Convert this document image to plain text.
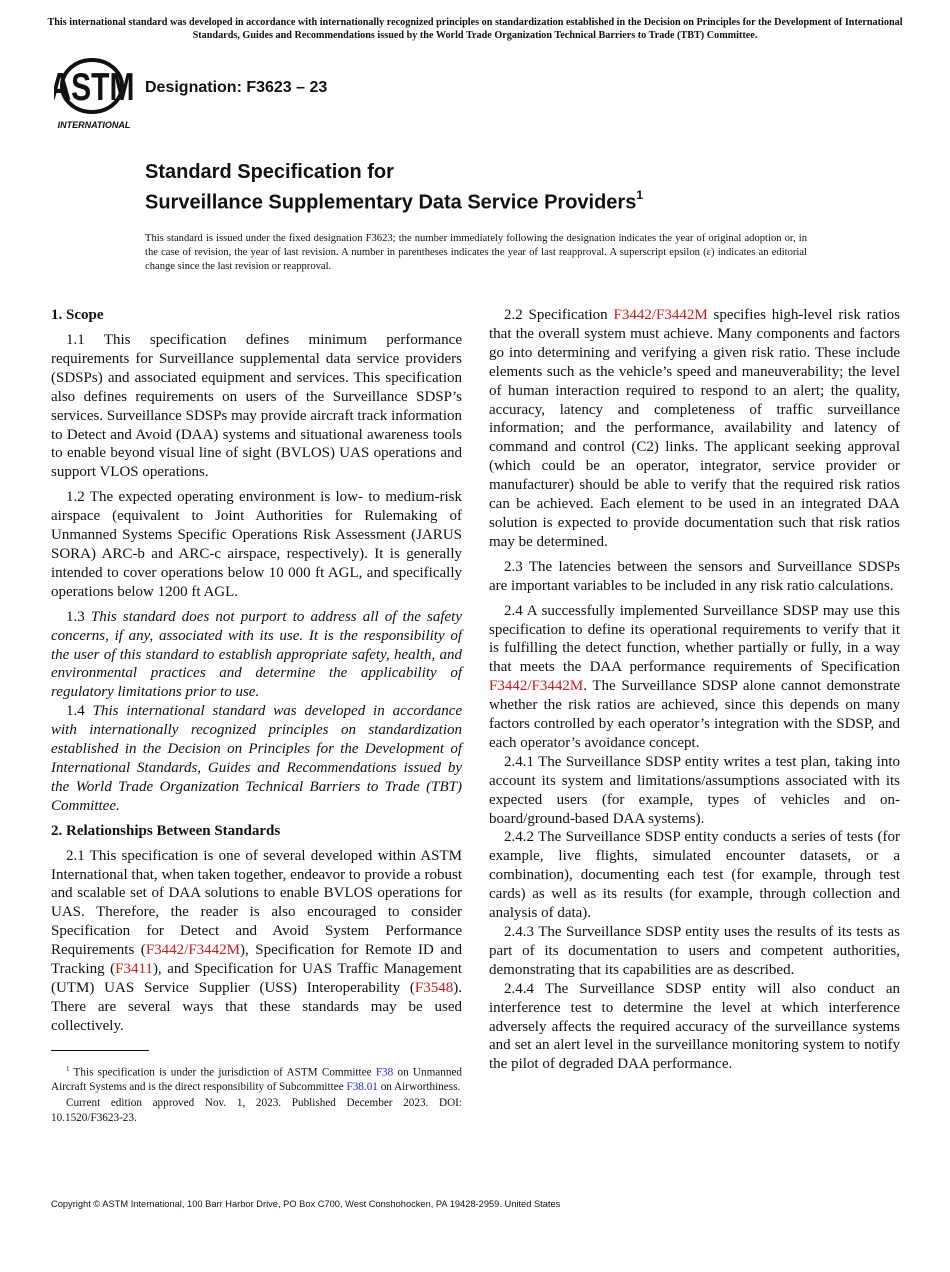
This international standard was developed in accordance with internationally recognized principles on standardization established in the Decision on Principles for the Development of International Standards, Guides and Recommendations issued by the World Trade Organization Technical Barriers to Trade (TBT) Committee.
ASTM
INTERNATIONAL
Designation: F3623 – 23
Standard Specification for
Surveillance Supplementary Data Service Providers$^1$
This standard is issued under the fixed designation F3623; the number immediately following the designation indicates the year of original adoption or, in the case of revision, the year of last revision. A number in parentheses indicates the year of last reapproval. A superscript epsilon (ε) indicates an editorial change since the last revision or reapproval.
1. Scope

1.1 This specification defines minimum performance requirements for Surveillance supplemental data service providers (SDSPs) and associated equipment and services. This specification also defines requirements on users of the Surveillance SDSP’s services. Surveillance SDSPs may provide aircraft track information to Detect and Avoid (DAA) systems and situational awareness tools to enable beyond visual line of sight (BVLOS) UAS operations and support VLOS operations.

1.2 The expected operating environment is low- to medium-risk airspace (equivalent to Joint Authorities for Rulemaking of Unmanned Systems Specific Operations Risk Assessment (JARUS SORA) ARC-b and ARC-c airspace, respectively). It is generally intended to cover operations below 10 000 ft AGL, and specifically operations below 1200 ft AGL.

1.3 This standard does not purport to address all of the safety concerns, if any, associated with its use. It is the responsibility of the user of this standard to establish appropriate safety, health, and environmental practices and determine the applicability of regulatory limitations prior to use.

1.4 This international standard was developed in accordance with internationally recognized principles on standardization established in the Decision on Principles for the Development of International Standards, Guides and Recommendations issued by the World Trade Organization Technical Barriers to Trade (TBT) Committee.

2. Relationships Between Standards

2.1 This specification is one of several developed within ASTM International that, when taken together, endeavor to provide a robust and scalable set of DAA solutions to enable BVLOS operations for UAS. Therefore, the reader is also encouraged to consider Specification for Detect and Avoid System Performance Requirements (F3442/F3442M), Specification for Remote ID and Tracking (F3411), and Specification for UAS Traffic Management (UTM) UAS Service Supplier (USS) Interoperability (F3548). There are several ways that these standards may be used collectively.

2.2 Specification F3442/F3442M specifies high-level risk ratios that the overall system must achieve. Many components and factors go into determining and verifying a given risk ratio. These include elements such as the vehicle’s speed and maneuverability; the level of human interaction required to respond to an alert; the quality, accuracy, latency and completeness of traffic surveillance information; and the performance, availability and latency of command and control (C2) links. The applicant seeking approval (which could be an operator, integrator, service provider or manufacturer) should be able to verify that the required risk ratios can be achieved. Each element to be used in an integrated DAA solution is expected to provide documentation such that risk ratios may be determined.

2.3 The latencies between the sensors and Surveillance SDSPs are important variables to be included in any risk ratio calculations.

2.4 A successfully implemented Surveillance SDSP may use this specification to define its operational requirements to verify that it is fulfilling the detect function, whether partially or fully, in a way that meets the DAA performance requirements of Specification F3442/F3442M. The Surveillance SDSP alone cannot demonstrate whether the risk ratios are achieved, since this depends on many factors controlled by each operator’s integration with the SDSP, and each operator’s avoidance concept.

2.4.1 The Surveillance SDSP entity writes a test plan, taking into account its system and limitations/assumptions associated with its expected users (for example, types of vehicles and on-board/ground-based DAA systems).

2.4.2 The Surveillance SDSP entity conducts a series of tests (for example, live flights, simulated encounter datasets, or a combination), documenting each test (for example, through test cards) as well as its results (for example, through collection and analysis of data).

2.4.3 The Surveillance SDSP entity uses the results of its tests as part of its documentation to users and competent authorities, demonstrating that its capabilities are as described.

2.4.4 The Surveillance SDSP entity will also conduct an interference test to determine the level at which interference adversely affects the required accuracy of the surveillance systems and set an alert level in the surveillance monitoring system to notify the pilot of degraded DAA performance.

$^1$ This specification is under the jurisdiction of ASTM Committee F38 on Unmanned Aircraft Systems and is the direct responsibility of Subcommittee F38.01 on Airworthiness.

Current edition approved Nov. 1, 2023. Published December 2023. DOI: 10.1520/F3623-23.

Copyright © ASTM International, 100 Barr Harbor Drive, PO Box C700, West Conshohocken, PA 19428-2959. United States
